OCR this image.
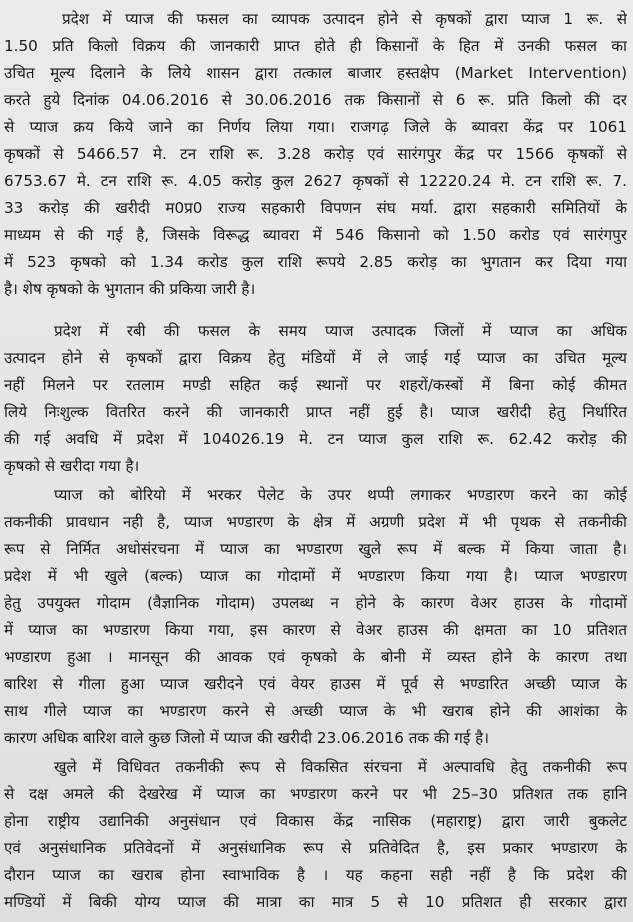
प्रदेश में प्याज की फसल का व्यापक उत्पादन होने से कृषकों द्वारा प्याज 1 रू. से
1.50 प्रति किलो विक्रय की जानकारी प्राप्त होते ही किसानों के हित में उनकी फसल का
उचित मूल्य दिलाने के लिये शासन द्वारा तत्काल बाजार हस्तक्षेप (Market Intervention)
करते हुये दिनांक 04.06.2016 से 30.06.2016 तक किसानों से 6 रू. प्रति किलो की दर
से प्याज क्रय किये जाने का निर्णय लिया गया। राजगढ़ जिले के ब्यावरा केंद्र पर 1061
कृषकों से 5466.57 मे. टन राशि रू. 3.28 करोड़ एवं सारंगपुर केंद्र पर 1566 कृषकों से
6753.67 मे. टन राशि रू. 4.05 करोड़ कुल 2627 कृषकों से 12220.24 मे. टन राशि रू. 7.
33 करोड़ की खरीदी म0प्र0 राज्य सहकारी विपणन संघ मर्या. द्वारा सहकारी समितियों के
माध्यम से की गई है, जिसके विरूद्ध ब्यावरा में 546 किसानो को 1.50 करोड एवं सारंगपुर
में 523 कृषको को 1.34 करोड कुल राशि रूपये 2.85 करोड़ का भुगतान कर दिया गया
है। शेष कृषको के भुगतान की प्रकिया जारी है।
प्रदेश में रबी की फसल के समय प्याज उत्पादक जिलों में प्याज का अधिक
उत्पादन होने से कृषकों द्वारा विक्रय हेतु मंडियों में ले जाई गई प्याज का उचित मूल्य
नहीं मिलने पर रतलाम मण्डी सहित कई स्थानों पर शहरों/कस्बों में बिना कोई कीमत
लिये निःशुल्क वितरित करने की जानकारी प्राप्त नहीं हुई है। प्याज खरीदी हेतु निर्धारित
की गई अवधि में प्रदेश में 104026.19 मे. टन प्याज कुल राशि रू. 62.42 करोड़ की
कृषको से खरीदा गया है।
प्याज को बोरियो में भरकर पेलेट के उपर थप्पी लगाकर भण्डारण करने का कोई
तकनीकी प्रावधान नही है, प्याज भण्डारण के क्षेत्र में अग्रणी प्रदेश में भी पृथक से तकनीकी
रूप से निर्मित अधोसंरचना में प्याज का भण्डारण खुले रूप में बल्क में किया जाता है।
प्रदेश में भी खुले (बल्क) प्याज का गोदामों में भण्डारण किया गया है। प्याज भण्डारण
हेतु उपयुक्त गोदाम (वैज्ञानिक गोदाम) उपलब्ध न होने के कारण वेअर हाउस के गोदामों
में प्याज का भण्डारण किया गया, इस कारण से वेअर हाउस की क्षमता का 10 प्रतिशत
भण्डारण हुआ । मानसून की आवक एवं कृषको के बोनी में व्यस्त होने के कारण तथा
बारिश से गीला हुआ प्याज खरीदने एवं वेयर हाउस में पूर्व से भण्डारित अच्छी प्याज के
साथ गीले प्याज का भण्डारण करने से अच्छी प्याज के भी खराब होने की आशंका के
कारण अधिक बारिश वाले कुछ जिलो में प्याज की खरीदी 23.06.2016 तक की गई है।
खुले में विधिवत तकनीकी रूप से विकसित संरचना में अल्पावधि हेतु तकनीकी रूप
से दक्ष अमले की देखरेख में प्याज का भण्डारण करने पर भी 25–30 प्रतिशत तक हानि
होना राष्ट्रीय उद्यानिकी अनुसंधान एवं विकास केंद्र नासिक (महाराष्ट्र) द्वारा जारी बुकलेट
एवं अनुसंधानिक प्रतिवेदनों में अनुसंधानिक रूप से प्रतिवेदित है, इस प्रकार भण्डारण के
दौरान प्याज का खराब होना स्वाभाविक है । यह कहना सही नहीं है कि प्रदेश की
मण्डियों में बिकी योग्य प्याज की मात्रा का मात्र 5 से 10 प्रतिशत ही सरकार द्वारा
